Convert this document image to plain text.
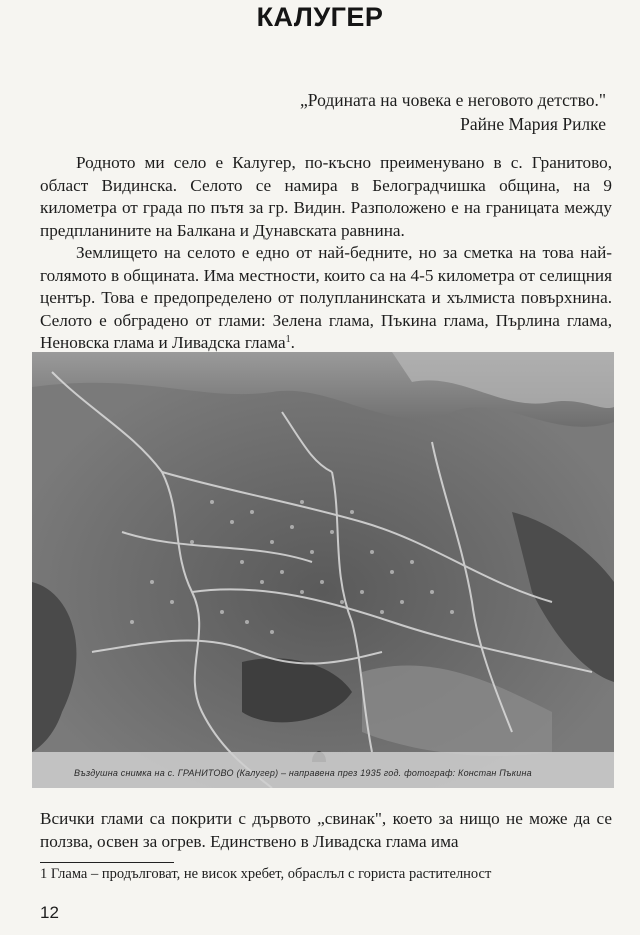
КАЛУГЕР
„Родината на човека е неговото детство."
Райне Мария Рилке

Родното ми село е Калугер, по-късно преименувано в с. Гранитово, област Видинска. Селото се намира в Белоградчишка община, на 9 километра от града по пътя за гр. Видин. Разположено е на границата между предпланините на Балкана и Дунавската равнина.

Землището на селото е едно от най-бедните, но за сметка на това най-голямото в общината. Има местности, които са на 4-5 километра от селищния център. Това е предопределено от полупланинската и хълмиста повърхнина. Селото е обградено от глами: Зелена глама, Пъкина глама, Пърлина глама, Неновска глама и Ливадска глама$^1$.

Въздушна снимка на с. ГРАНИТОВО (Калугер) – направена през 1935 год. фотограф: Констан Пъкина

Всички глами са покрити с дървото „свинак", което за нищо не може да се ползва, освен за огрев. Единствено в Ливадска глама има

1 Глама – продълговат, не висок хребет, обраслъл с гориста растителност
12
